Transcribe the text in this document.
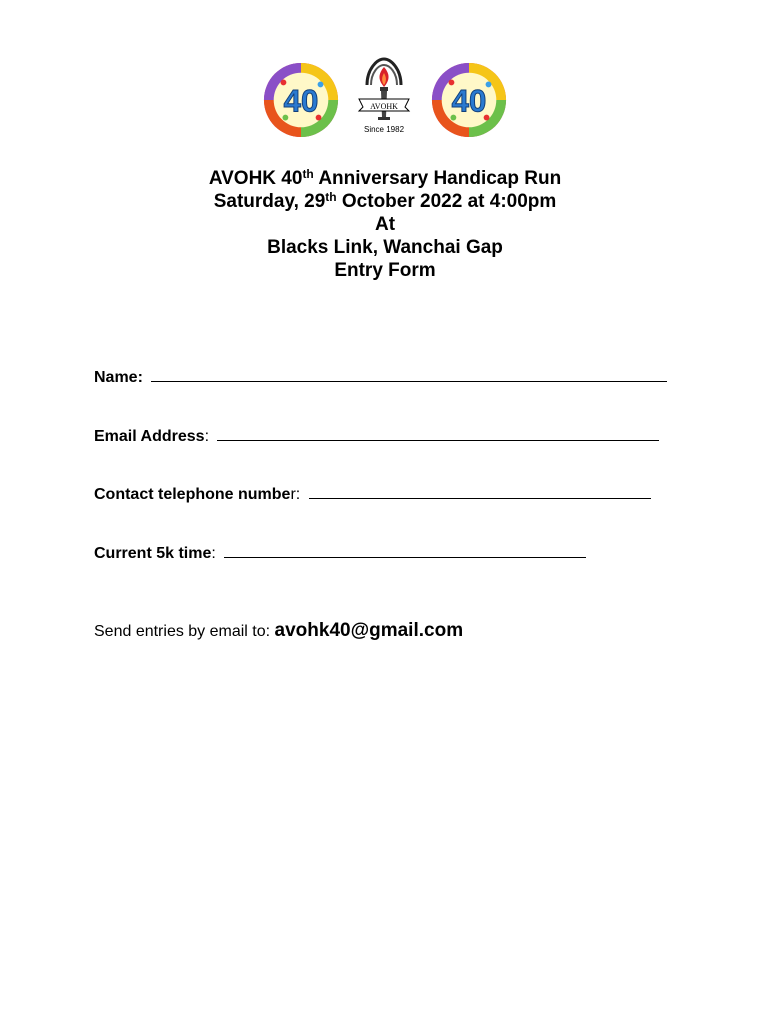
40	AVOHK
Since 1982
40
AVOHK 40th Anniversary Handicap Run
Saturday, 29th October 2022 at 4:00pm
At
Blacks Link, Wanchai Gap
Entry Form
Name:
Email Address:
Contact telephone number:
Current 5k time:
Send entries by email to: avohk40@gmail.com
